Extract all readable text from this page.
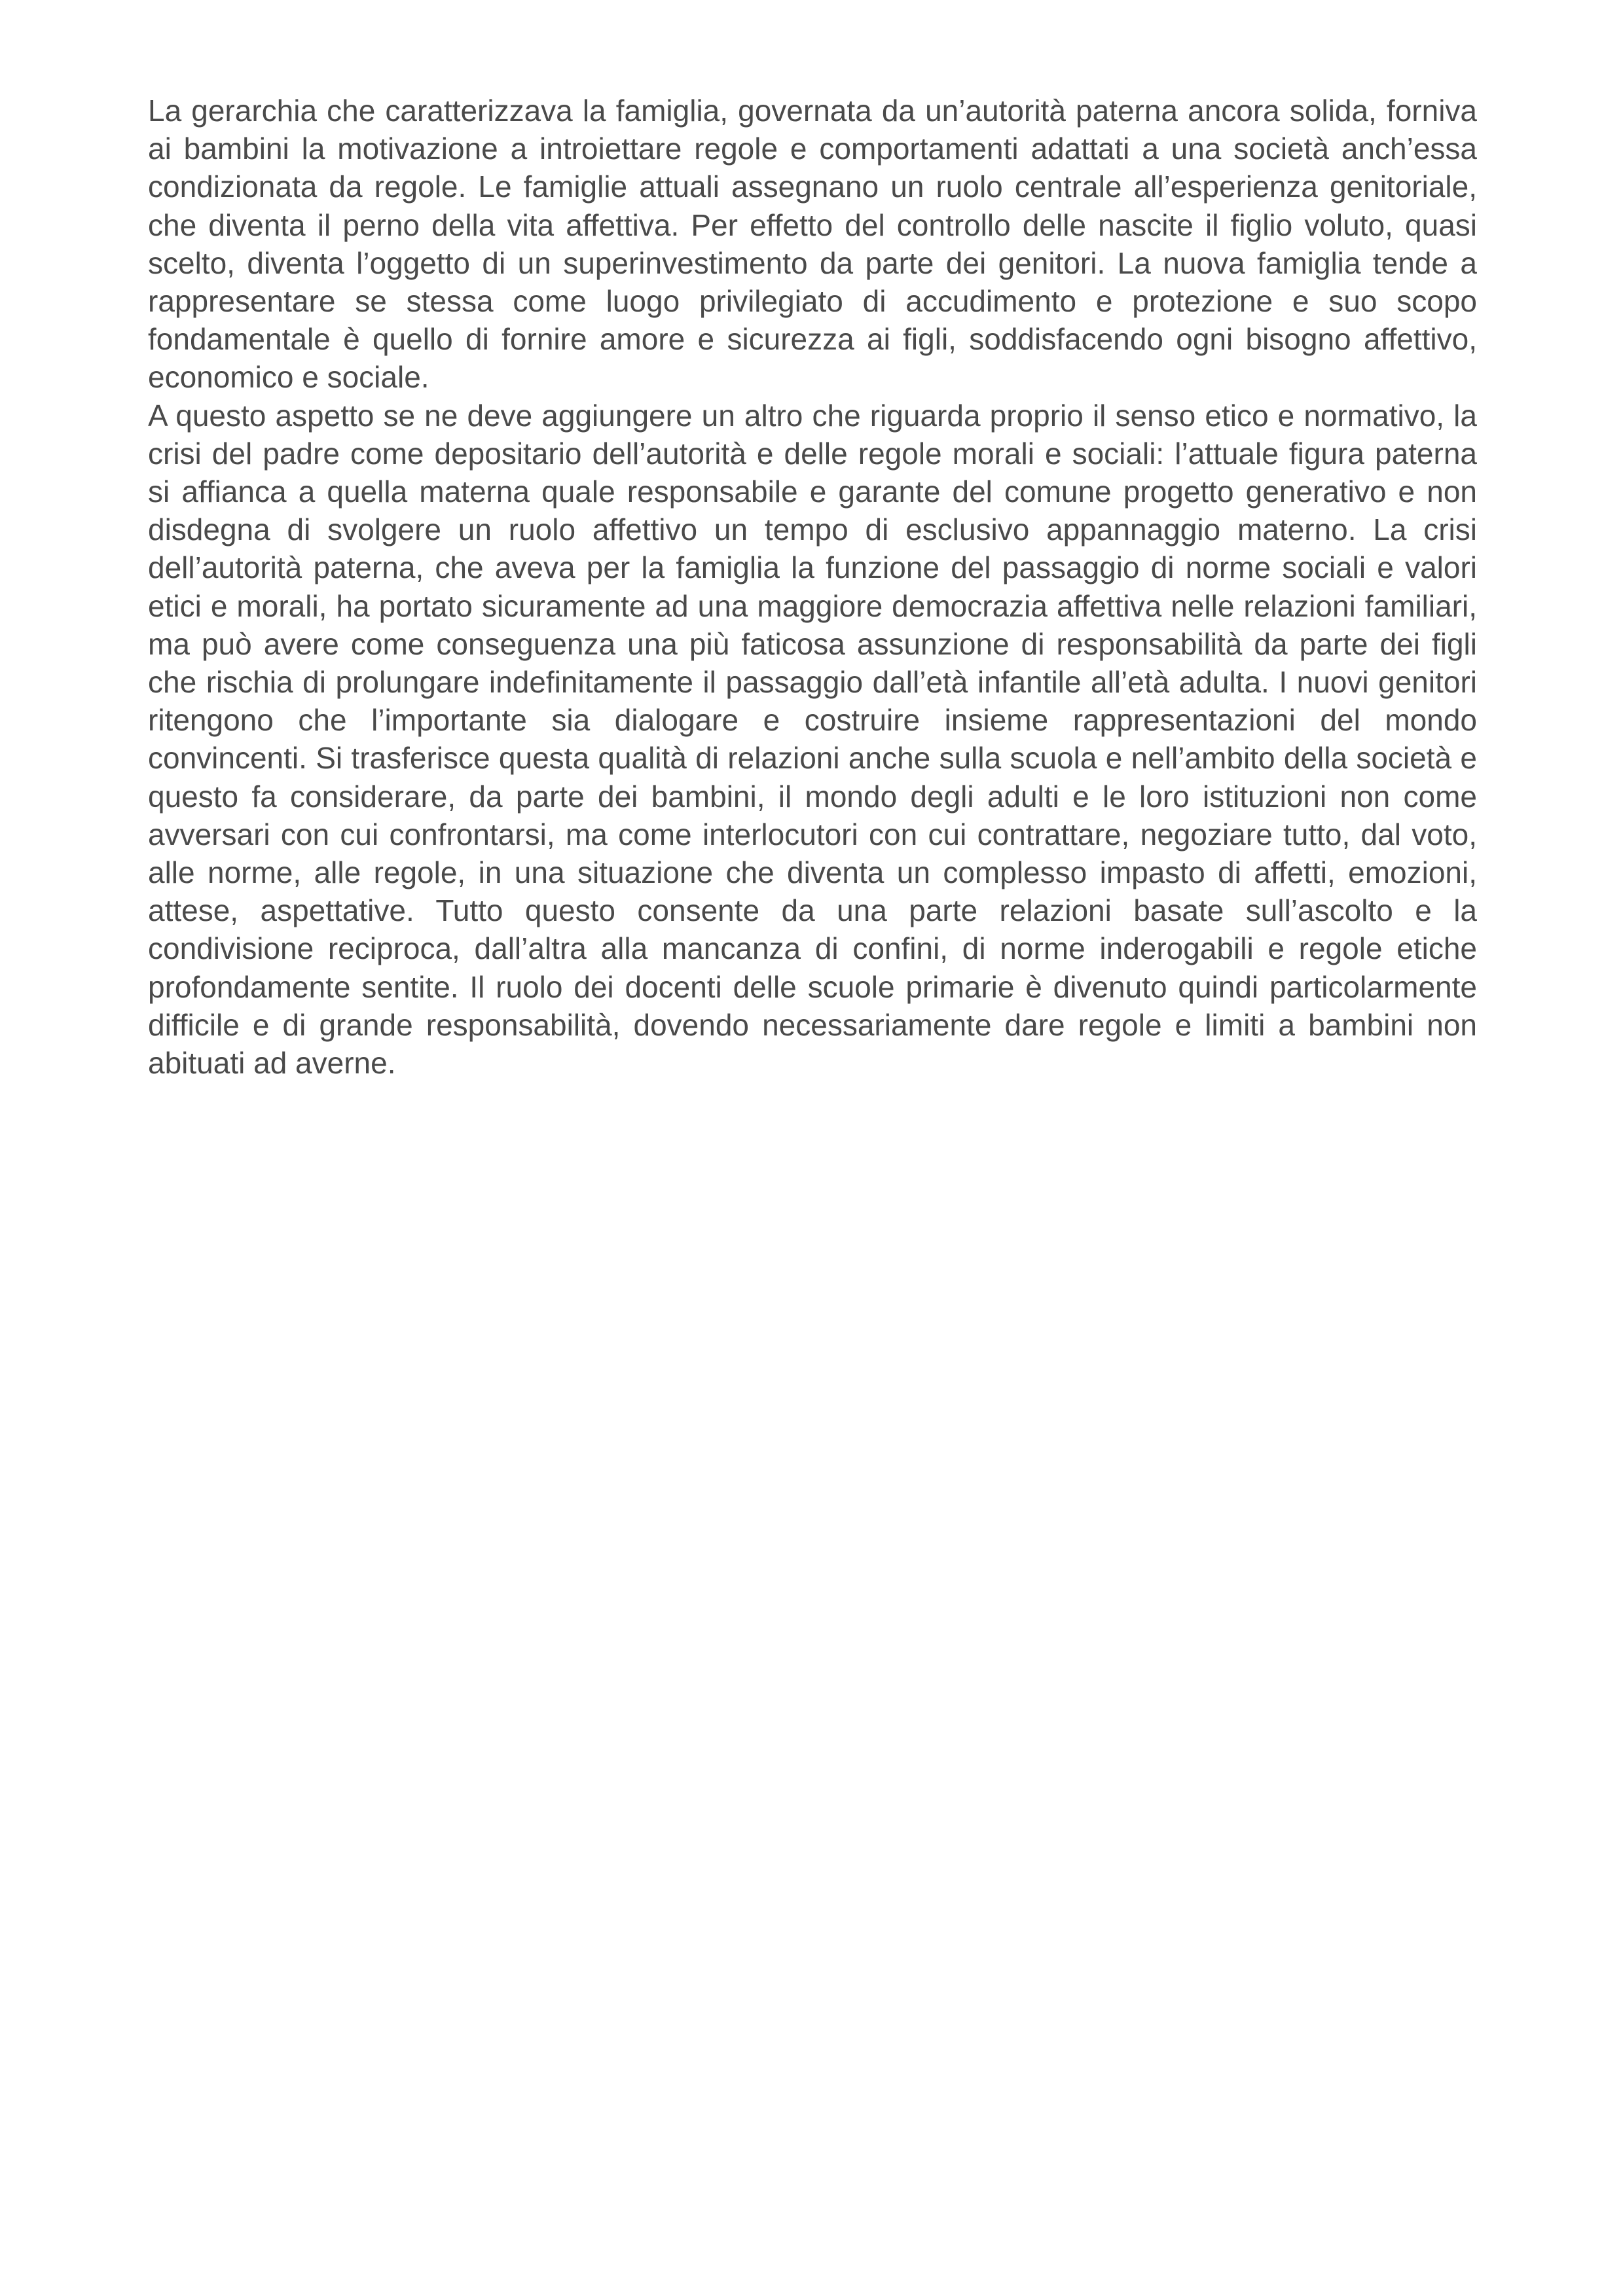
La gerarchia che caratterizzava la famiglia, governata da un’autorità paterna ancora solida, forniva ai bambini la motivazione a introiettare regole e comportamenti adattati a una società anch’essa condizionata da regole. Le famiglie attuali assegnano un ruolo centrale all’esperienza genitoriale, che diventa il perno della vita affettiva. Per effetto del controllo delle nascite il figlio voluto, quasi scelto, diventa l’oggetto di un superinvestimento da parte dei genitori. La nuova famiglia tende a rappresentare se stessa come luogo privilegiato di accudimento e protezione e suo scopo fondamentale è quello di fornire amore e sicurezza ai figli, soddisfacendo ogni bisogno affettivo, economico e sociale.

A questo aspetto se ne deve aggiungere un altro che riguarda proprio il senso etico e normativo, la crisi del padre come depositario dell’autorità e delle regole morali e sociali: l’attuale figura paterna si affianca a quella materna quale responsabile e garante del comune progetto generativo e non disdegna di svolgere un ruolo affettivo un tempo di esclusivo appannaggio materno. La crisi dell’autorità paterna, che aveva per la famiglia la funzione del passaggio di norme sociali e valori etici e morali, ha portato sicuramente ad una maggiore democrazia affettiva nelle relazioni familiari, ma può avere come conseguenza una più faticosa assunzione di responsabilità da parte dei figli che rischia di prolungare indefinitamente il passaggio dall’età infantile all’età adulta. I nuovi genitori ritengono che l’importante sia dialogare e costruire insieme rappresentazioni del mondo convincenti. Si trasferisce questa qualità di relazioni anche sulla scuola e nell’ambito della società e questo fa considerare, da parte dei bambini, il mondo degli adulti e le loro istituzioni non come avversari con cui confrontarsi, ma come interlocutori con cui contrattare, negoziare tutto, dal voto, alle norme, alle regole, in una situazione che diventa un complesso impasto di affetti, emozioni, attese, aspettative. Tutto questo consente da una parte relazioni basate sull’ascolto e la condivisione reciproca, dall’altra alla mancanza di confini, di norme inderogabili e regole etiche profondamente sentite. Il ruolo dei docenti delle scuole primarie è divenuto quindi particolarmente difficile e di grande responsabilità, dovendo necessariamente dare regole e limiti a bambini non abituati ad averne.
